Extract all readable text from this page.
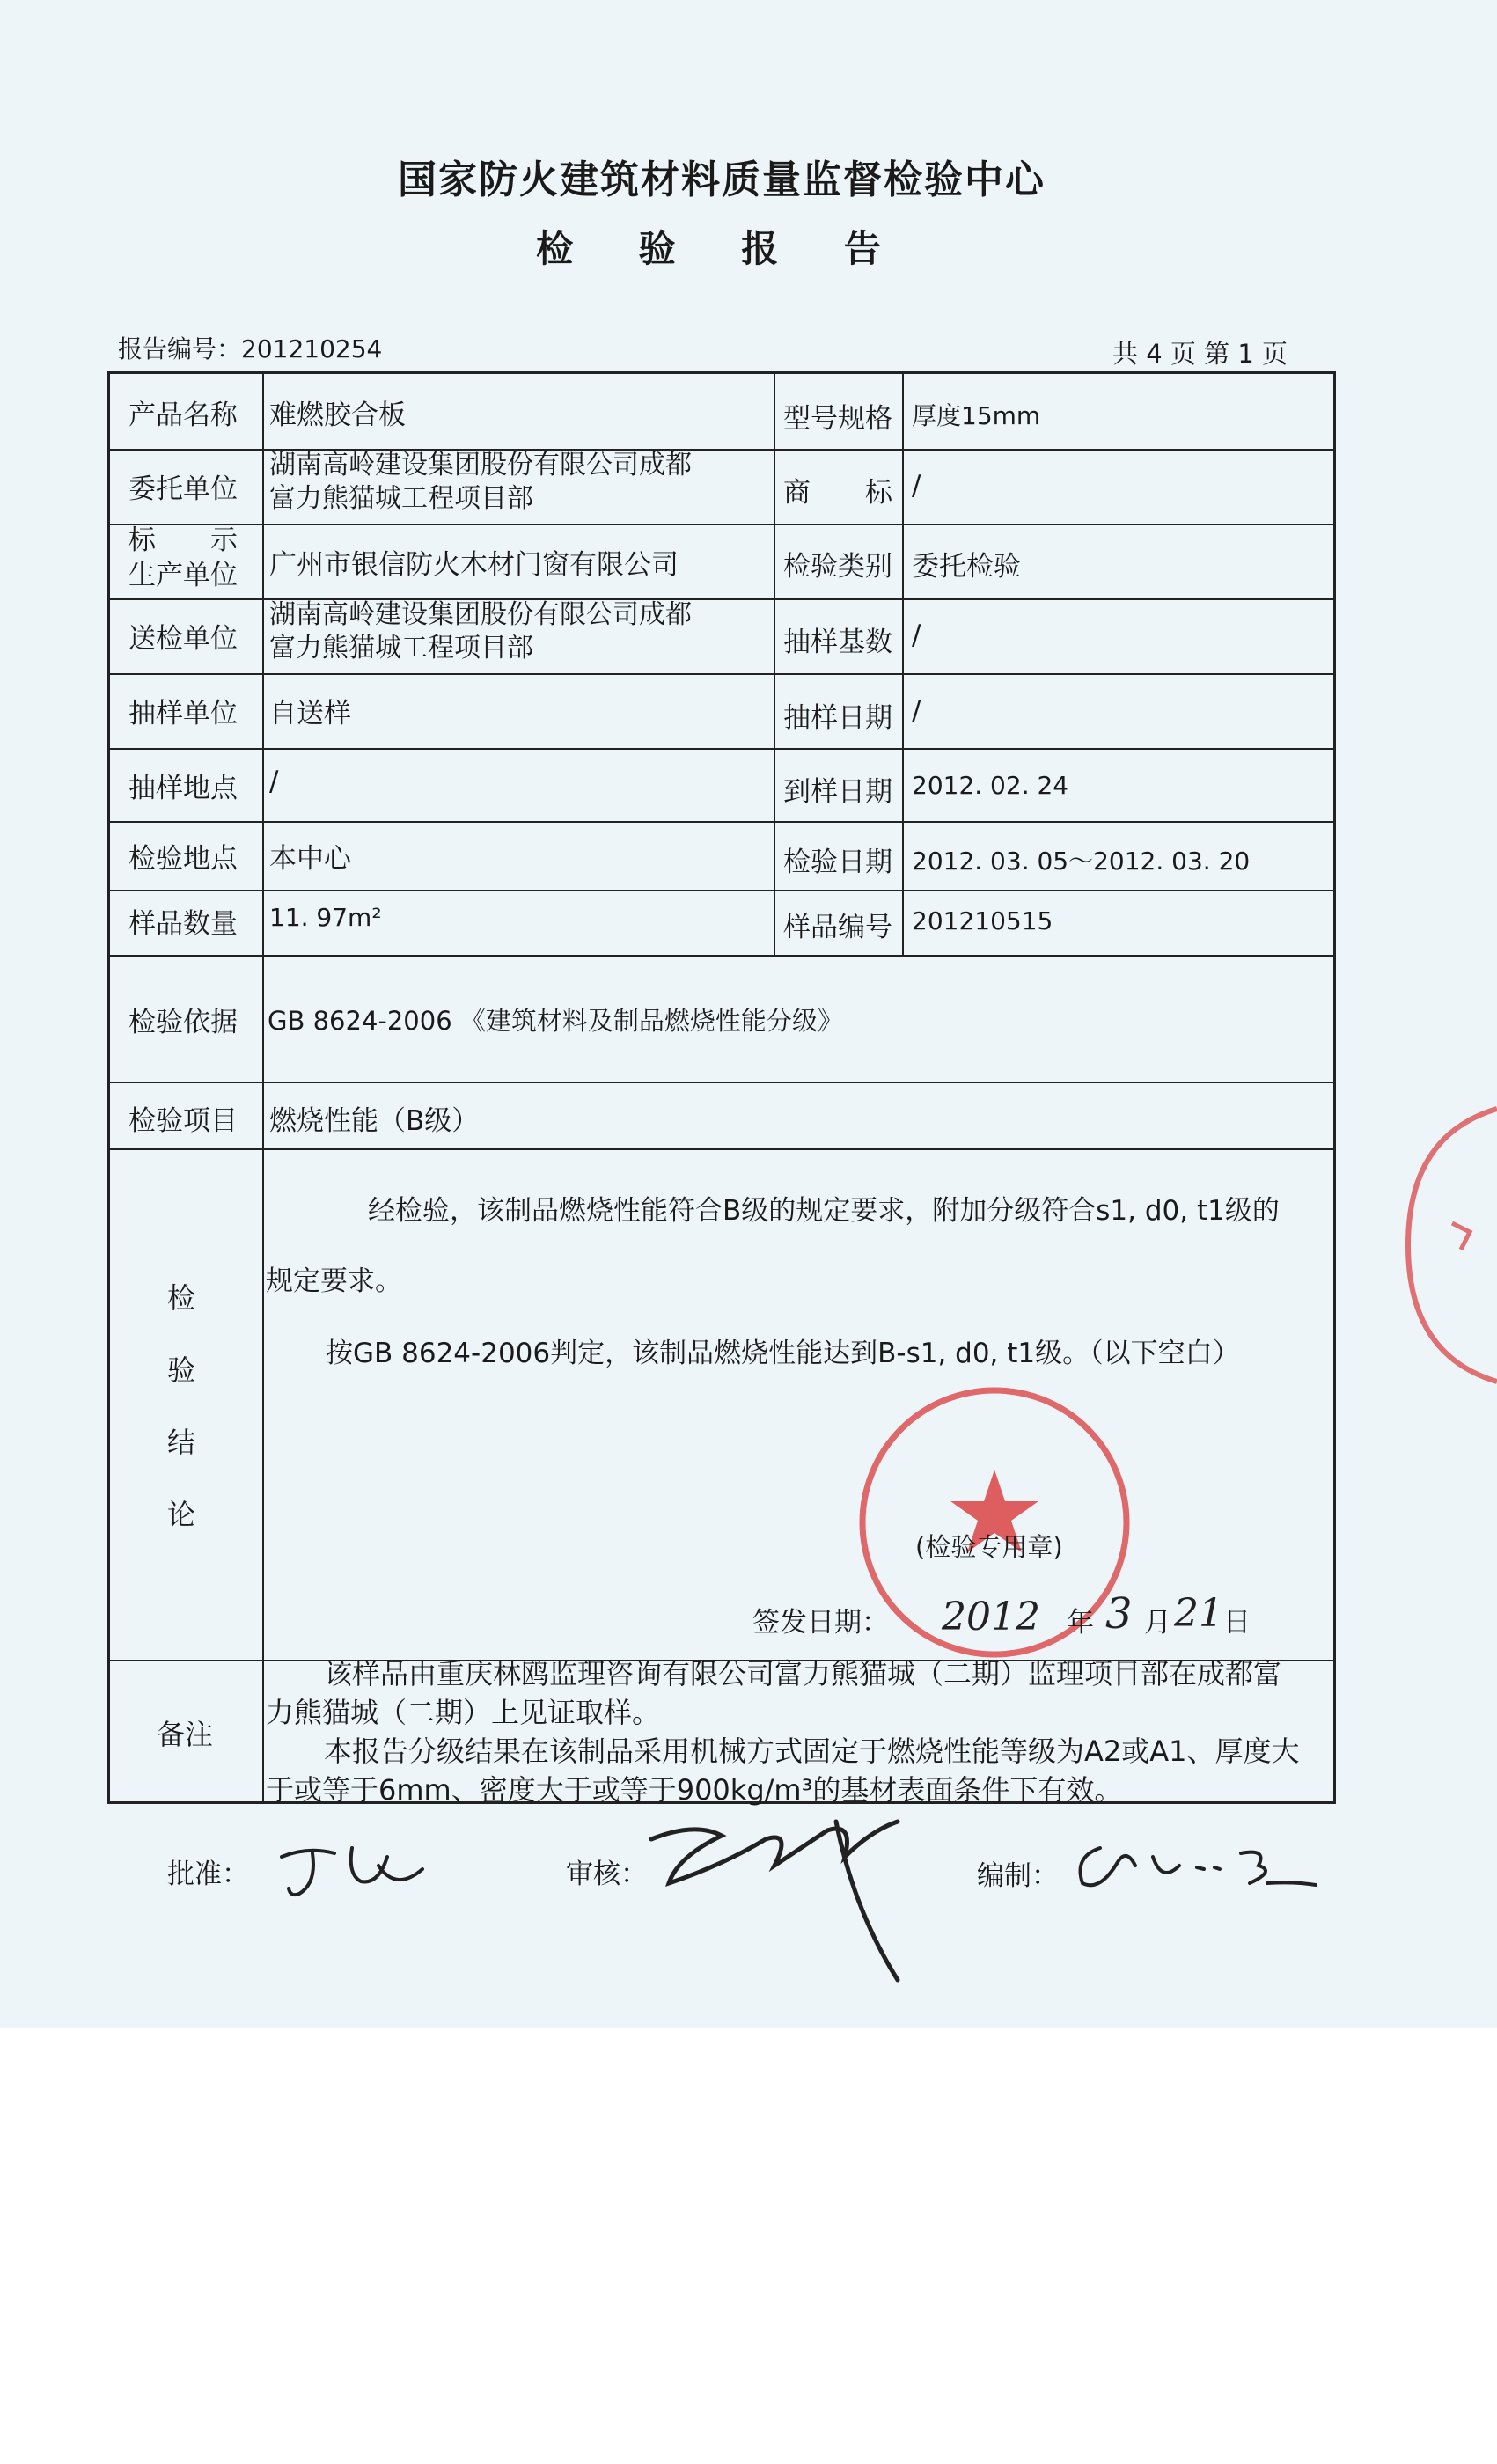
国家防火建筑材料质量监督检验中心
检 验 报 告
报告编号：201210254	共 4 页 第 1 页
产品名称 难燃胶合板	型号规格 厚度15mm
委托单位
湖南高岭建设集团股份有限公司成都
富力熊猫城工程项目部	商　　标 /
标　　示
生产单位 广州市银信防火木材门窗有限公司	检验类别 委托检验
送检单位
湖南高岭建设集团股份有限公司成都
富力熊猫城工程项目部	抽样基数 /
抽样单位 自送样	抽样日期 /
抽样地点 /	到样日期 2012. 02. 24
检验地点 本中心	检验日期 2012. 03. 05～2012. 03. 20
样品数量 11. 97m²	样品编号 201210515
检验依据 GB 8624-2006 《建筑材料及制品燃烧性能分级》
检验项目 燃烧性能（B级）
检
验
结
论
经检验，该制品燃烧性能符合B级的规定要求，附加分级符合s1, d0, t1级的
规定要求。
按GB 8624-2006判定，该制品燃烧性能达到B-s1, d0, t1级。（以下空白）
(检验专用章)
签发日期： 2012 年 3 月 21 日
备注
该样品由重庆林鸥监理咨询有限公司富力熊猫城（二期）监理项目部在成都富
力熊猫城（二期）上见证取样。
本报告分级结果在该制品采用机械方式固定于燃烧性能等级为A2或A1、厚度大
于或等于6mm、密度大于或等于900kg/m³的基材表面条件下有效。
批准：	审核：	编制：
